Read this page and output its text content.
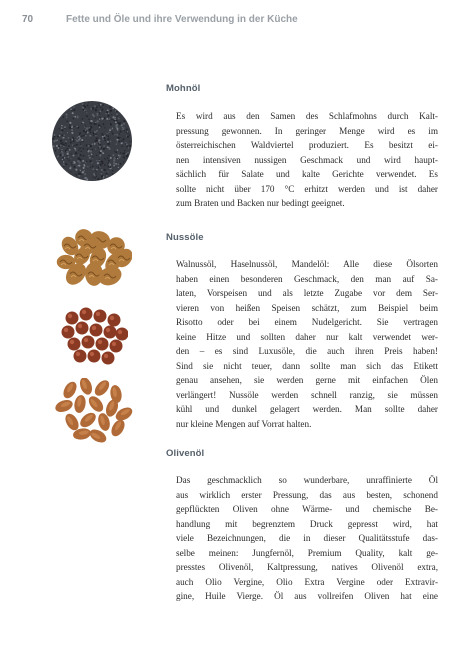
70	Fette und Öle und ihre Verwendung in der Küche
Mohnöl
Es wird aus den Samen des Schlafmohns durch Kalt-
pressung gewonnen. In geringer Menge wird es im
österreichischen Waldviertel produziert. Es besitzt ei-
nen intensiven nussigen Geschmack und wird haupt-
sächlich für Salate und kalte Gerichte verwendet. Es
sollte nicht über 170 °C erhitzt werden und ist daher
zum Braten und Backen nur bedingt geeignet.
Nussöle
Walnussöl, Haselnussöl, Mandelöl: Alle diese Ölsorten
haben einen besonderen Geschmack, den man auf Sa-
laten, Vorspeisen und als letzte Zugabe vor dem Ser-
vieren von heißen Speisen schätzt, zum Beispiel beim
Risotto oder bei einem Nudelgericht. Sie vertragen
keine Hitze und sollten daher nur kalt verwendet wer-
den – es sind Luxusöle, die auch ihren Preis haben!
Sind sie nicht teuer, dann sollte man sich das Etikett
genau ansehen, sie werden gerne mit einfachen Ölen
verlängert! Nussöle werden schnell ranzig, sie müssen
kühl und dunkel gelagert werden. Man sollte daher
nur kleine Mengen auf Vorrat halten.
Olivenöl
Das geschmacklich so wunderbare, unraffinierte Öl
aus wirklich erster Pressung, das aus besten, schonend
gepflückten Oliven ohne Wärme- und chemische Be-
handlung mit begrenztem Druck gepresst wird, hat
viele Bezeichnungen, die in dieser Qualitätsstufe das-
selbe meinen: Jungfernöl, Premium Quality, kalt ge-
presstes Olivenöl, Kaltpressung, natives Olivenöl extra,
auch Olio Vergine, Olio Extra Vergine oder Extravir-
gine, Huile Vierge. Öl aus vollreifen Oliven hat eine
